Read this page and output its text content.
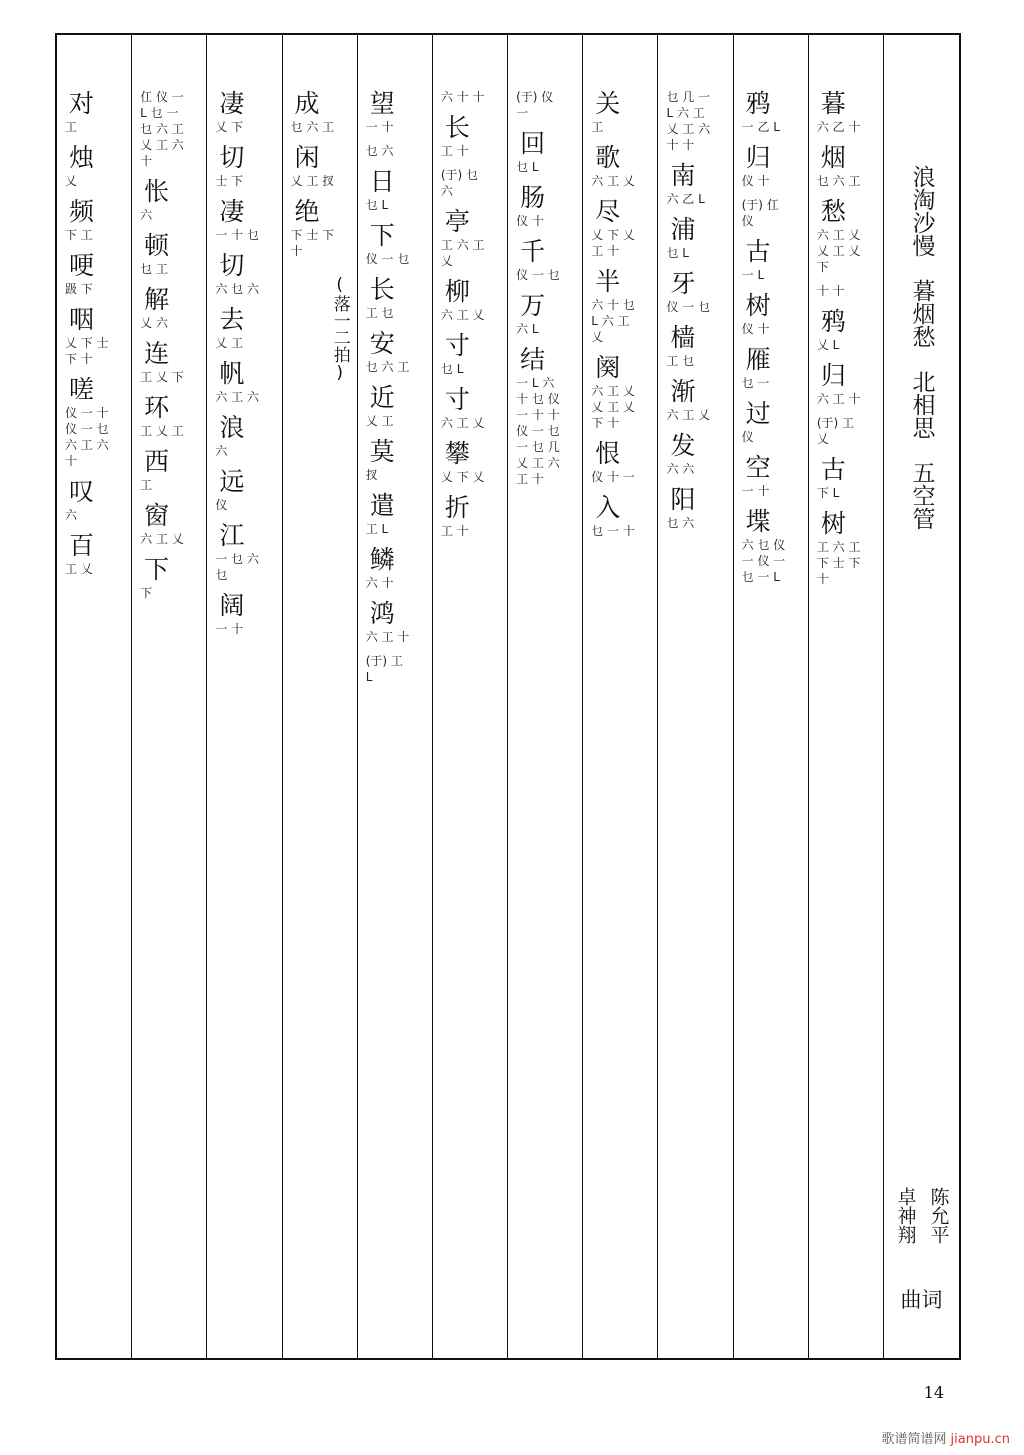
浪淘沙慢
暮烟愁
北相思
五空管
陈允平
卓神翔
曲词
暮
六 乙 十
烟
乜 六 工
愁
六 工 乂 乂 工 乂 下
十 十
鸦
乂 L
归
六 工 十
(于) 工 乂
古
下 L
树
工 六 工 下 士 下 十
鸦
一 乙 L
归
仪 十
(于) 仜 仪
古
一 L
树
仪 十
雁
乜 一
过
仪
空
一 十
堞
六 乜 仪 一 仪 一 乜 一 L
乜 几 一 L 六 工 乂 工 六 十 十
南
六 乙 L
浦
乜 L
牙
仪 一 乜
樯
工 乜
渐
六 工 乂
发
六 六
阳
乜 六
关
工
歌
六 工 乂
尽
乂 下 乂 工 十
半
六 十 乜 L 六 工 乂
阕
六 工 乂 乂 工 乂 下 十
恨
仪 十 一
入
乜 一 十
(于) 仪 一
回
乜 L
肠
仪 十
千
仪 一 乜
万
六 L
结
一 L 六 十 乜 仪 一 十 十 仪 一 乜 一 乜 几 乂 工 六 工 十
六 十 十
长
工 十
(于) 乜 六
亭
工 六 工 乂
柳
六 工 乂
寸
乜 L
寸
六 工 乂
攀
乂 下 乂
折
工 十
望
一 十
乜 六
日
乜 L
下
仪 一 乜
长
工 乜
安
乜 六 工
近
乂 工
莫
扠
遣
工 L
鳞
六 十
鸿
六 工 十
(于) 工 L
成
乜 六 工
闲
乂 工 扠
绝
下 士 下 十
(落一二拍)
凄
乂 下
切
士 下
凄
一 十 乜
切
六 乜 六
去
乂 工
帆
六 工 六
浪
六
远
仪
江
一 乜 六 乜
阔
一 十
仜 仪 一 L 乜 一 乜 六 工 乂 工 六 十
怅
六
顿
乜 工
解
乂 六
连
工 乂 下
环
工 乂 工
西
工
窗
六 工 乂
下
下
对
工
烛
乂
频
下 工
哽
趿 下
咽
乂 下 士 下 十
嗟
仪 一 十 仪 一 乜 六 工 六 十
叹
六
百
工 乂
14
歌谱简谱网 jianpu.cn
